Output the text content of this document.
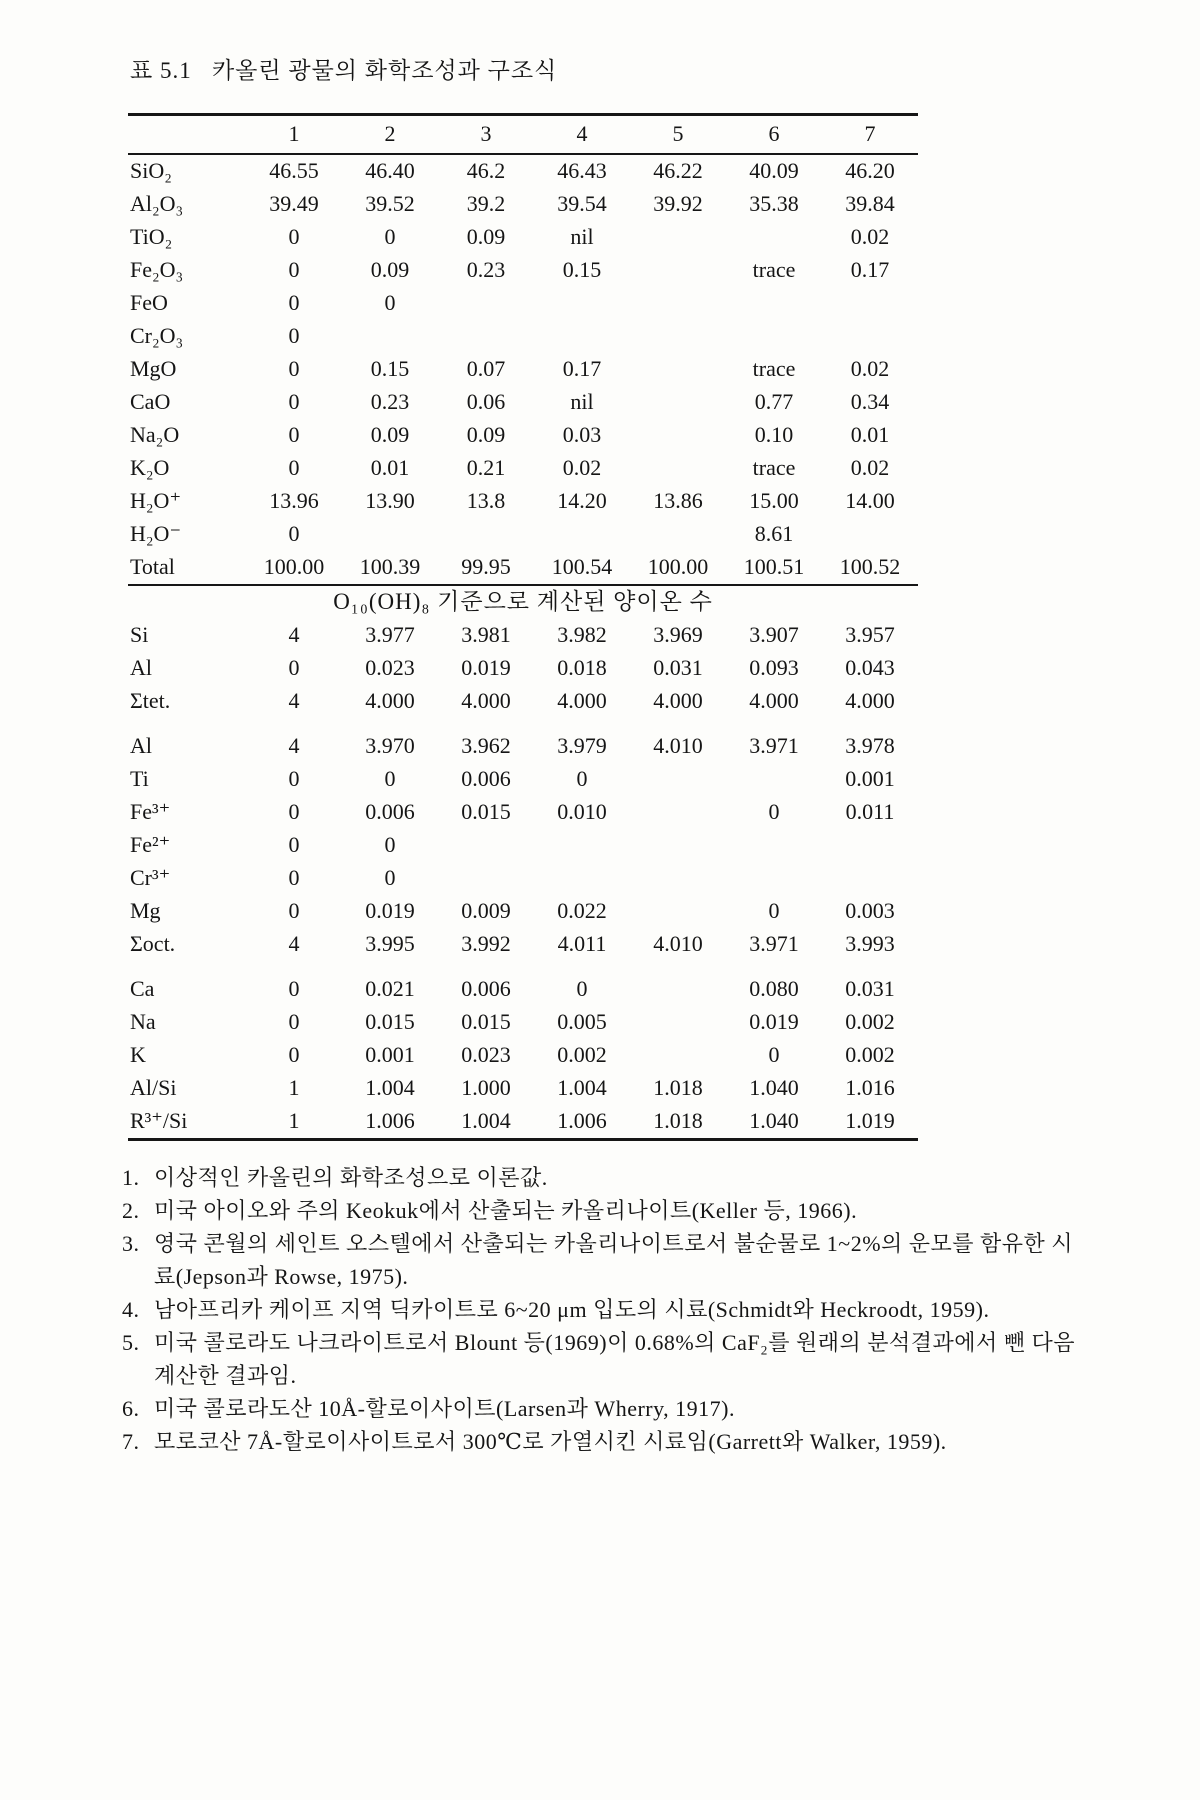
표 5.1   카올린 광물의 화학조성과 구조식
	1	2	3	4	5	6	7
SiO₂	46.55	46.40	46.2	46.43	46.22	40.09	46.20
Al₂O₃	39.49	39.52	39.2	39.54	39.92	35.38	39.84
TiO₂	0	0	0.09	nil			0.02
Fe₂O₃	0	0.09	0.23	0.15		trace	0.17
FeO	0	0					
Cr₂O₃	0						
MgO	0	0.15	0.07	0.17		trace	0.02
CaO	0	0.23	0.06	nil		0.77	0.34
Na₂O	0	0.09	0.09	0.03		0.10	0.01
K₂O	0	0.01	0.21	0.02		trace	0.02
H₂O⁺	13.96	13.90	13.8	14.20	13.86	15.00	14.00
H₂O⁻	0					8.61	
Total	100.00	100.39	99.95	100.54	100.00	100.51	100.52
O₁₀(OH)₈ 기준으로 계산된 양이온 수							
Si	4	3.977	3.981	3.982	3.969	3.907	3.957
Al	0	0.023	0.019	0.018	0.031	0.093	0.043
Σtet.	4	4.000	4.000	4.000	4.000	4.000	4.000
Al	4	3.970	3.962	3.979	4.010	3.971	3.978
Ti	0	0	0.006	0			0.001
Fe³⁺	0	0.006	0.015	0.010		0	0.011
Fe²⁺	0	0					
Cr³⁺	0	0					
Mg	0	0.019	0.009	0.022		0	0.003
Σoct.	4	3.995	3.992	4.011	4.010	3.971	3.993
Ca	0	0.021	0.006	0		0.080	0.031
Na	0	0.015	0.015	0.005		0.019	0.002
K	0	0.001	0.023	0.002		0	0.002
Al/Si	1	1.004	1.000	1.004	1.018	1.040	1.016
R³⁺/Si	1	1.006	1.004	1.006	1.018	1.040	1.019
1. 이상적인 카올린의 화학조성으로 이론값.
2. 미국 아이오와 주의 Keokuk에서 산출되는 카올리나이트(Keller 등, 1966).
3. 영국 콘월의 세인트 오스텔에서 산출되는 카올리나이트로서 불순물로 1~2%의 운모를 함유한 시료(Jepson과 Rowse, 1975).
4. 남아프리카 케이프 지역 딕카이트로 6~20 μm 입도의 시료(Schmidt와 Heckroodt, 1959).
5. 미국 콜로라도 나크라이트로서 Blount 등(1969)이 0.68%의 CaF₂를 원래의 분석결과에서 뺀 다음 계산한 결과임.
6. 미국 콜로라도산 10Å-할로이사이트(Larsen과 Wherry, 1917).
7. 모로코산 7Å-할로이사이트로서 300℃로 가열시킨 시료임(Garrett와 Walker, 1959).
